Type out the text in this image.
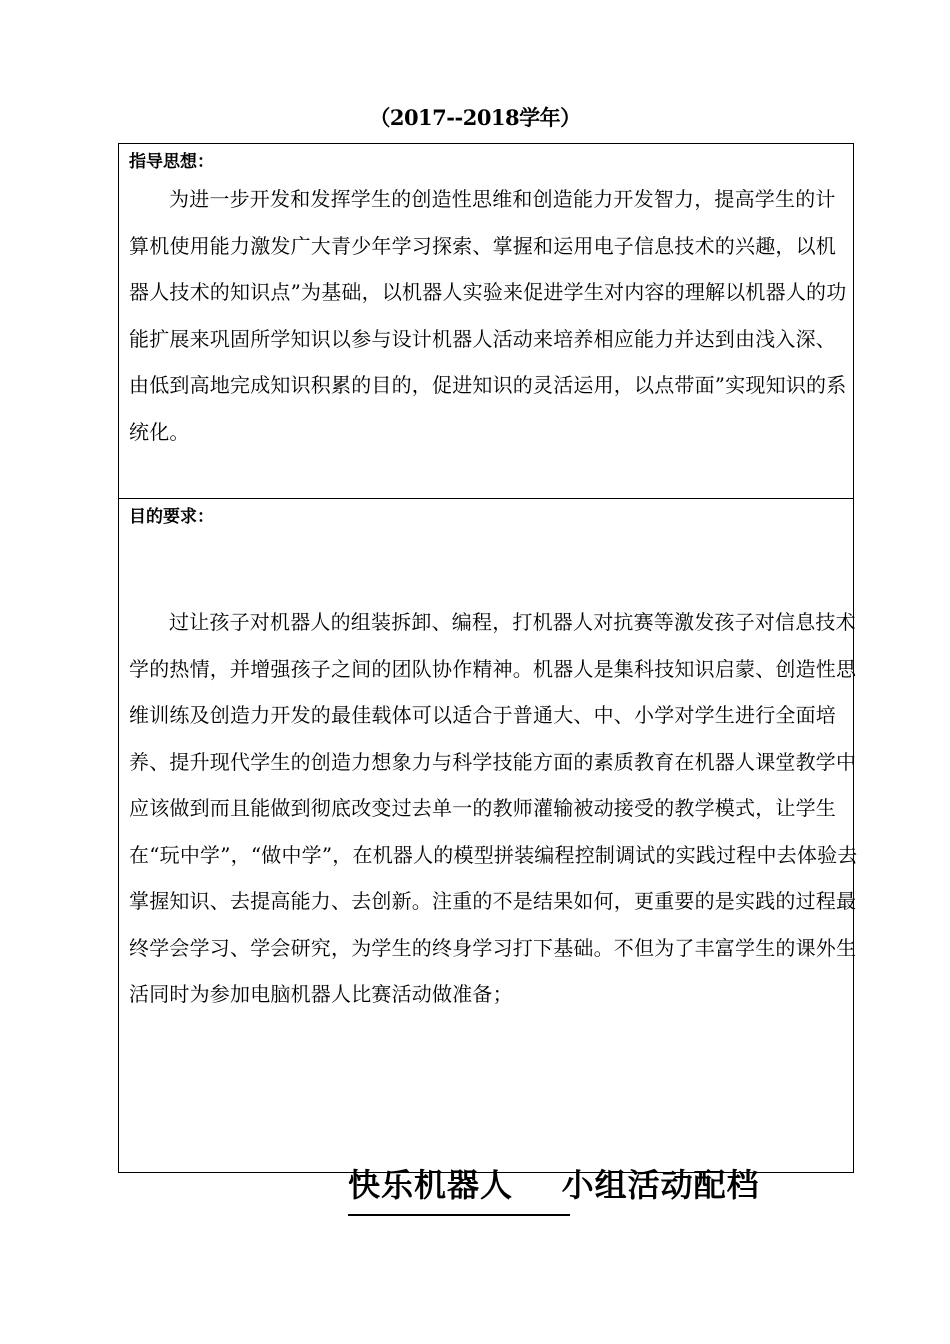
（2017--2018学年）
指导思想：

为进一步开发和发挥学生的创造性思维和创造能力开发智力，提高学生的计算机使用能力激发广大青少年学习探索、掌握和运用电子信息技术的兴趣，以机器人技术的知识点”为基础，以机器人实验来促进学生对内容的理解以机器人的功能扩展来巩固所学知识以参与设计机器人活动来培养相应能力并达到由浅入深、由低到高地完成知识积累的目的，促进知识的灵活运用，以点带面”实现知识的系统化。

目的要求：

过让孩子对机器人的组装拆卸、编程，打机器人对抗赛等激发孩子对信息技术学的热情，并增强孩子之间的团队协作精神。机器人是集科技知识启蒙、创造性思维训练及创造力开发的最佳载体可以适合于普通大、中、小学对学生进行全面培养、提升现代学生的创造力想象力与科学技能方面的素质教育在机器人课堂教学中应该做到而且能做到彻底改变过去单一的教师灌输被动接受的教学模式，让学生在“玩中学”，“做中学”，在机器人的模型拼装编程控制调试的实践过程中去体验去掌握知识、去提高能力、去创新。注重的不是结果如何，更重要的是实践的过程最终学会学习、学会研究，为学生的终身学习打下基础。不但为了丰富学生的课外生活同时为参加电脑机器人比赛活动做准备；

快乐机器人    小组活动配档
